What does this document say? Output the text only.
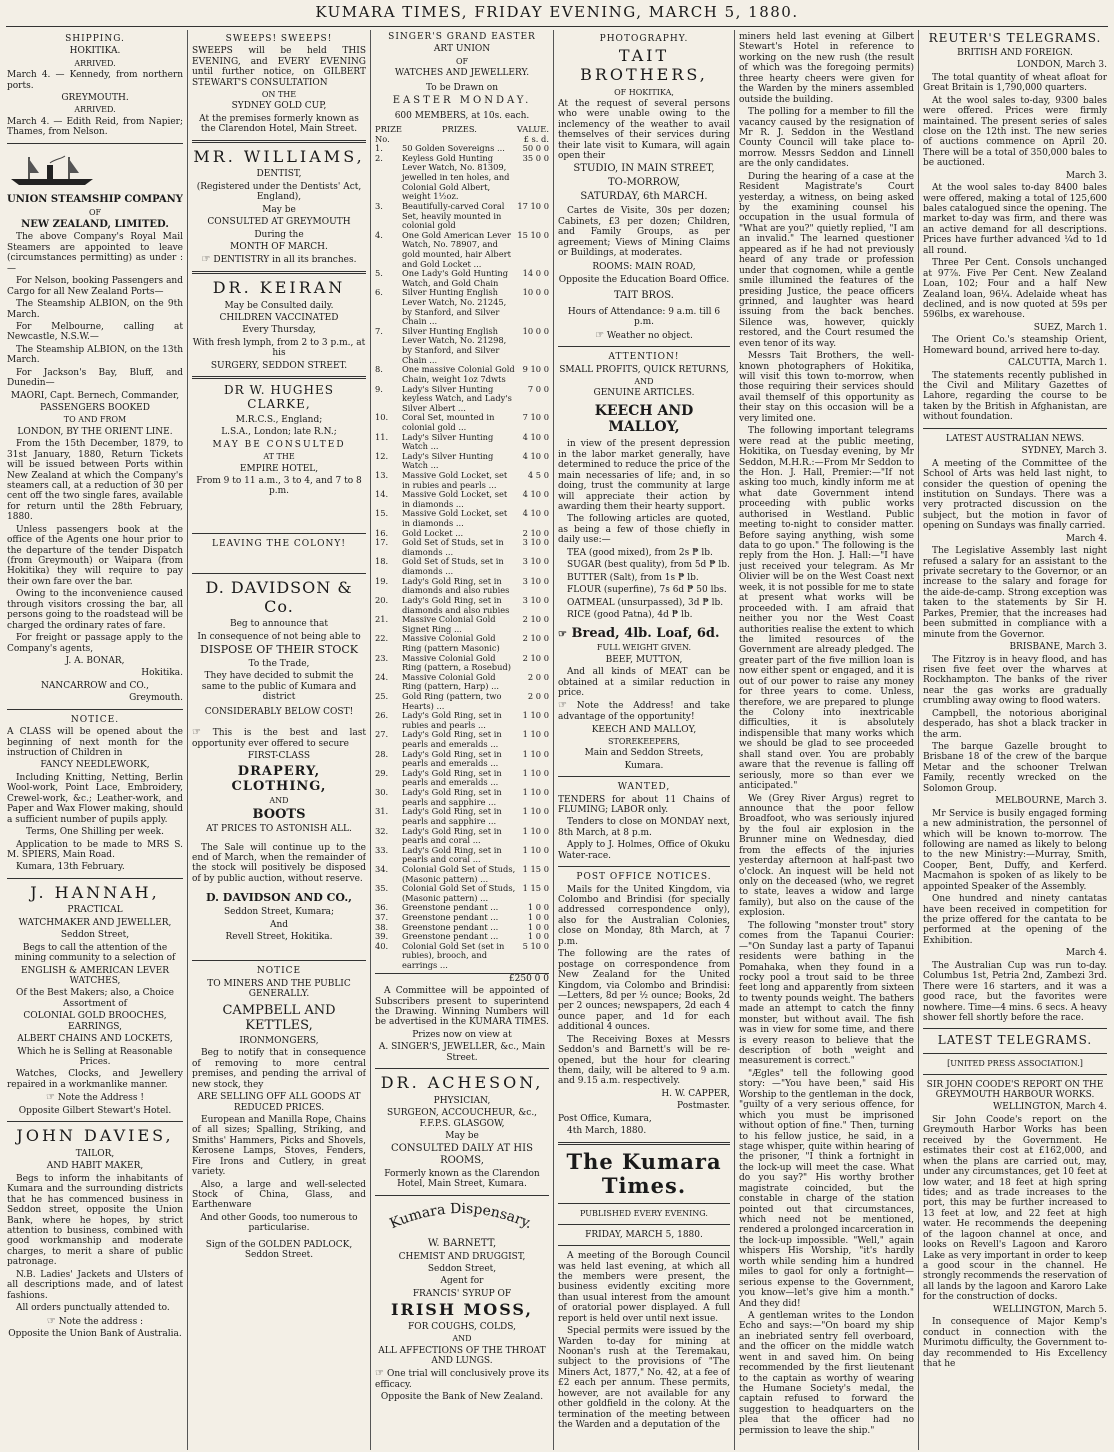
KUMARA TIMES, FRIDAY EVENING, MARCH 5, 1880.

SHIPPING.

HOKITIKA.

ARRIVED.

March 4. — Kennedy, from northern ports.

GREYMOUTH.

ARRIVED.

March 4. — Edith Reid, from Napier; Thames, from Nelson.

UNION STEAMSHIP COMPANY

OF

NEW ZEALAND, LIMITED.

The above Company's Royal Mail Steamers are appointed to leave (circumstances permitting) as under :—

For Nelson, booking Passengers and Cargo for all New Zealand Ports—

The Steamship ALBION, on the 9th March.

For Melbourne, calling at Newcastle, N.S.W.—

The Steamship ALBION, on the 13th March.

For Jackson's Bay, Bluff, and Dunedin—

MAORI, Capt. Bernech, Commander,

PASSENGERS BOOKED

TO AND FROM

LONDON, BY THE ORIENT LINE.

From the 15th December, 1879, to 31st January, 1880, Return Tickets will be issued between Ports within New Zealand at which the Company's steamers call, at a reduction of 30 per cent off the two single fares, available for return until the 28th February, 1880.

Unless passengers book at the office of the Agents one hour prior to the departure of the tender Dispatch (from Greymouth) or Waipara (from Hokitika) they will require to pay their own fare over the bar.

Owing to the inconvenience caused through visitors crossing the bar, all persons going to the roadstead will be charged the ordinary rates of fare.

For freight or passage apply to the Company's agents,

J. A. BONAR,

Hokitika.

NANCARROW and CO.,

Greymouth.

NOTICE.

A CLASS will be opened about the beginning of next month for the instruction of Children in

FANCY NEEDLEWORK,

Including Knitting, Netting, Berlin Wool-work, Point Lace, Embroidery, Crewel-work, &c.; Leather-work, and Paper and Wax Flower making, should a sufficient number of pupils apply.

Terms, One Shilling per week.

Application to be made to MRS S. M. SPIERS, Main Road.

Kumara, 13th February.

J. HANNAH,

PRACTICAL

WATCHMAKER AND JEWELLER,

Seddon Street,

Begs to call the attention of the mining community to a selection of

ENGLISH & AMERICAN LEVER WATCHES,

Of the Best Makers; also, a Choice Assortment of

COLONIAL GOLD BROOCHES, EARRINGS,

ALBERT CHAINS AND LOCKETS,

Which he is Selling at Reasonable Prices.

Watches, Clocks, and Jewellery repaired in a workmanlike manner.

☞ Note the Address !

Opposite Gilbert Stewart's Hotel.

JOHN DAVIES,

TAILOR,

AND HABIT MAKER,

Begs to inform the inhabitants of Kumara and the surrounding districts that he has commenced business in Seddon street, opposite the Union Bank, where he hopes, by strict attention to business, combined with good workmanship and moderate charges, to merit a share of public patronage.

N.B. Ladies' Jackets and Ulsters of all descriptions made, and of latest fashions.

All orders punctually attended to.

☞ Note the address :

Opposite the Union Bank of Australia.

SWEEPS! SWEEPS!

SWEEPS will be held THIS EVENING, and EVERY EVENING until further notice, on GILBERT STEWART'S CONSULTATION

ON THE

SYDNEY GOLD CUP,

At the premises formerly known as the Clarendon Hotel, Main Street.

MR. WILLIAMS,

DENTIST,

(Registered under the Dentists' Act, England),

May be

CONSULTED AT GREYMOUTH

During the

MONTH OF MARCH.

☞ DENTISTRY in all its branches.

DR. KEIRAN

May be Consulted daily.

CHILDREN VACCINATED

Every Thursday,

With fresh lymph, from 2 to 3 p.m., at his

SURGERY, SEDDON STREET.

DR W. HUGHES CLARKE,

M.R.C.S., England;

L.S.A., London; late R.N.;

MAY BE CONSULTED

AT THE

EMPIRE HOTEL,

From 9 to 11 a.m., 3 to 4, and 7 to 8 p.m.

LEAVING THE COLONY!

D. DAVIDSON & Co.

Beg to announce that

In consequence of not being able to

DISPOSE OF THEIR STOCK

To the Trade,

They have decided to submit the same to the public of Kumara and district

CONSIDERABLY BELOW COST!

☞ This is the best and last opportunity ever offered to secure

FIRST-CLASS

DRAPERY, CLOTHING,

AND

BOOTS

AT PRICES TO ASTONISH ALL.

The Sale will continue up to the end of March, when the remainder of the stock will positively be disposed of by public auction, without reserve.

D. DAVIDSON AND CO.,

Seddon Street, Kumara;

And

Revell Street, Hokitika.

NOTICE

TO MINERS AND THE PUBLIC GENERALLY.

CAMPBELL AND KETTLES,

IRONMONGERS,

Beg to notify that in consequence of removing to more central premises, and pending the arrival of new stock, they

ARE SELLING OFF ALL GOODS AT REDUCED PRICES.

European and Manilla Rope, Chains of all sizes; Spalling, Striking, and Smiths' Hammers, Picks and Shovels, Kerosene Lamps, Stoves, Fenders, Fire Irons and Cutlery, in great variety.

Also, a large and well-selected Stock of China, Glass, and Earthenware

And other Goods, too numerous to particularise.

Sign of the GOLDEN PADLOCK, Seddon Street.

SINGER'S GRAND EASTER

ART UNION

OF

WATCHES AND JEWELLERY.

To be Drawn on

EASTER MONDAY.

600 MEMBERS, at 10s. each.

PRIZE
No.	PRIZES.	VALUE.
£ s. d.
1.	50 Golden Sovereigns ...	50 0 0
2.	Keyless Gold Hunting Lever Watch, No. 81309, jewelled in ten holes, and Colonial Gold Albert, weight 1½oz.	35 0 0
3.	Beautifully-carved Coral Set, heavily mounted in colonial gold	17 10 0
4.	One Gold American Lever Watch, No. 78907, and gold mounted, hair Albert and Gold Locket ...	15 10 0
5.	One Lady's Gold Hunting Watch, and Gold Chain	14 0 0
6.	Silver Hunting English Lever Watch, No. 21245, by Stanford, and Silver Chain ...	10 0 0
7.	Silver Hunting English Lever Watch, No. 21298, by Stanford, and Silver Chain ...	10 0 0
8.	One massive Colonial Gold Chain, weight 1oz 7dwts	9 10 0
9.	Lady's Silver Hunting keyless Watch, and Lady's Silver Albert ...	7 0 0
10.	Coral Set, mounted in colonial gold ...	7 10 0
11.	Lady's Silver Hunting Watch ...	4 10 0
12.	Lady's Silver Hunting Watch ...	4 10 0
13.	Massive Gold Locket, set in rubies and pearls ...	4 5 0
14.	Massive Gold Locket, set in diamonds ...	4 10 0
15.	Massive Gold Locket, set in diamonds ...	4 10 0
16.	Gold Locket ...	2 10 0
17.	Gold Set of Studs, set in diamonds ...	3 10 0
18.	Gold Set of Studs, set in diamonds ...	3 10 0
19.	Lady's Gold Ring, set in diamonds and also rubies	3 10 0
20.	Lady's Gold Ring, set in diamonds and also rubies	3 10 0
21.	Massive Colonial Gold Signet Ring ...	2 10 0
22.	Massive Colonial Gold Ring (pattern Masonic)	2 10 0
23.	Massive Colonial Gold Ring (pattern, a Rosebud)	2 10 0
24.	Massive Colonial Gold Ring (pattern, Harp) ...	2 0 0
25.	Gold Ring (pattern, two Hearts) ...	2 0 0
26.	Lady's Gold Ring, set in rubies and pearls ...	1 10 0
27.	Lady's Gold Ring, set in pearls and emeralds ...	1 10 0
28.	Lady's Gold Ring, set in pearls and emeralds ...	1 10 0
29.	Lady's Gold Ring, set in pearls and emeralds ...	1 10 0
30.	Lady's Gold Ring, set in pearls and sapphire ...	1 10 0
31.	Lady's Gold Ring, set in pearls and sapphire ...	1 10 0
32.	Lady's Gold Ring, set in pearls and coral ...	1 10 0
33.	Lady's Gold Ring, set in pearls and coral ...	1 10 0
34.	Colonial Gold Set of Studs, (Masonic pattern) ...	1 15 0
35.	Colonial Gold Set of Studs, (Masonic pattern) ...	1 15 0
36.	Greenstone pendant ...	1 0 0
37.	Greenstone pendant ...	1 0 0
38.	Greenstone pendant ...	1 0 0
39.	Greenstone pendant ...	1 0 0
40.	Colonial Gold Set (set in rubies), brooch, and earrings ...	5 10 0

£250 0 0

A Committee will be appointed of Subscribers present to superintend the Drawing. Winning Numbers will be advertised in the KUMARA TIMES.

Prizes now on view at

A. SINGER'S, JEWELLER, &c., Main Street.

DR. ACHESON,

PHYSICIAN,

SURGEON, ACCOUCHEUR, &c., F.F.P.S. GLASGOW,

May be

CONSULTED DAILY AT HIS ROOMS,

Formerly known as the Clarendon Hotel, Main Street, Kumara.

Kumara Dispensary.

W. BARNETT,

CHEMIST AND DRUGGIST,

Seddon Street,

Agent for

FRANCIS' SYRUP OF

IRISH MOSS,

FOR COUGHS, COLDS,

AND

ALL AFFECTIONS OF THE THROAT AND LUNGS.

☞ One trial will conclusively prove its efficacy.

Opposite the Bank of New Zealand.

PHOTOGRAPHY.

TAIT BROTHERS,

OF HOKITIKA,

At the request of several persons who were unable owing to the inclemency of the weather to avail themselves of their services during their late visit to Kumara, will again open their

STUDIO, IN MAIN STREET,

TO-MORROW,

SATURDAY, 6th MARCH.

Cartes de Visite, 30s per dozen; Cabinets, £3 per dozen; Children, and Family Groups, as per agreement; Views of Mining Claims or Buildings, at moderates.

ROOMS: MAIN ROAD,

Opposite the Education Board Office.

TAIT BROS.

Hours of Attendance: 9 a.m. till 6 p.m.

☞ Weather no object.

ATTENTION!

SMALL PROFITS, QUICK RETURNS,

AND

GENUINE ARTICLES.

KEECH AND MALLOY,

in view of the present depression in the labor market generally, have determined to reduce the price of the main necessaries of life; and, in so doing, trust the community at large will appreciate their action by awarding them their hearty support.

The following articles are quoted, as being a few of those chiefly in daily use:—

TEA (good mixed), from 2s ₱ lb.

SUGAR (best quality), from 5d ₱ lb.

BUTTER (Salt), from 1s ₱ lb.

FLOUR (superfine), 7s 6d ₱ 50 lbs.

OATMEAL (unsurpassed), 3d ₱ lb.

RICE (good Patna), 4d ₱ lb.

☞ Bread, 4lb. Loaf, 6d.

FULL WEIGHT GIVEN.

BEEF, MUTTON,

And all kinds of MEAT can be obtained at a similar reduction in price.

☞ Note the Address! and take advantage of the opportunity!

KEECH AND MALLOY,

STOREKEEPERS,

Main and Seddon Streets,

Kumara.

WANTED,

TENDERS for about 11 Chains of FLUMING; LABOR only.

Tenders to close on MONDAY next, 8th March, at 8 p.m.

Apply to J. Holmes, Office of Okuku Water-race.

POST OFFICE NOTICES.

Mails for the United Kingdom, via Colombo and Brindisi (for specially addressed correspondence only), also for the Australian Colonies, close on Monday, 8th March, at 7 p.m.

The following are the rates of postage on correspondence from New Zealand for the United Kingdom, via Colombo and Brindisi:—Letters, 8d per ½ ounce; Books, 2d per 2 ounces; newspapers, 2d each 4 ounce paper, and 1d for each additional 4 ounces.

The Receiving Boxes at Messrs Seddon's and Barnett's will be re-opened, but the hour for clearing them, daily, will be altered to 9 a.m. and 9.15 a.m. respectively.

H. W. CAPPER,

Postmaster.

Post Office, Kumara,

4th March, 1880.

The Kumara Times.

PUBLISHED EVERY EVENING.

FRIDAY, MARCH 5, 1880.

A meeting of the Borough Council was held last evening, at which all the members were present, the business evidently exciting more than usual interest from the amount of oratorial power displayed. A full report is held over until next issue.

Special permits were issued by the Warden to-day for mining at Noonan's rush at the Teremakau, subject to the provisions of "The Miners Act, 1877," No. 42, at a fee of £2 each per annum. These permits, however, are not available for any other goldfield in the colony. At the termination of the meeting between the Warden and a deputation of the

miners held last evening at Gilbert Stewart's Hotel in reference to working on the new rush (the result of which was the foregoing permits) three hearty cheers were given for the Warden by the miners assembled outside the building.

The polling for a member to fill the vacancy caused by the resignation of Mr R. J. Seddon in the Westland County Council will take place to-morrow. Messrs Seddon and Linnell are the only candidates.

During the hearing of a case at the Resident Magistrate's Court yesterday, a witness, on being asked by the examining counsel his occupation in the usual formula of "What are you?" quietly replied, "I am an invalid." The learned questioner appeared as if he had not previously heard of any trade or profession under that cognomen, while a gentle smile illumined the features of the presiding Justice, the peace officers grinned, and laughter was heard issuing from the back benches. Silence was, however, quickly restored, and the Court resumed the even tenor of its way.

Messrs Tait Brothers, the well-known photographers of Hokitika, will visit this town to-morrow, when those requiring their services should avail themself of this opportunity as their stay on this occasion will be a very limited one.

The following important telegrams were read at the public meeting, Hokitika, on Tuesday evening, by Mr Seddon, M.H.R.:—From Mr Seddon to the Hon. J. Hall, Premier:—"If not asking too much, kindly inform me at what date Government intend proceeding with public works authorised in Westland. Public meeting to-night to consider matter. Before saying anything, wish some data to go upon." The following is the reply from the Hon. J. Hall:—"I have just received your telegram. As Mr Olivier will be on the West Coast next week, it is not possible for me to state at present what works will be proceeded with. I am afraid that neither you nor the West Coast authorities realise the extent to which the limited resources of the Government are already pledged. The greater part of the five million loan is now either spent or engaged, and it is out of our power to raise any money for three years to come. Unless, therefore, we are prepared to plunge the Colony into inextricable difficulties, it is absolutely indispensible that many works which we should be glad to see proceeded shall stand over. You are probably aware that the revenue is falling off seriously, more so than ever we anticipated."

We (Grey River Argus) regret to announce that the poor fellow Broadfoot, who was seriously injured by the foul air explosion in the Brunner mine on Wednesday, died from the effects of the injuries yesterday afternoon at half-past two o'clock. An inquest will be held not only on the deceased (who, we regret to state, leaves a widow and large family), but also on the cause of the explosion.

The following "monster trout" story comes from the Tapanui Courier:—"On Sunday last a party of Tapanui residents were bathing in the Pomahaka, when they found in a rocky pool a trout said to be three feet long and apparently from sixteen to twenty pounds weight. The bathers made an attempt to catch the finny monster, but without avail. The fish was in view for some time, and there is every reason to believe that the description of both weight and measurement is correct."

"Ægles" tell the following good story: —"You have been," said His Worship to the gentleman in the dock, "guilty of a very serious offence, for which you must be imprisoned without option of fine." Then, turning to his fellow justice, he said, in a stage whisper, quite within hearing of the prisoner, "I think a fortnight in the lock-up will meet the case. What do you say?" His worthy brother magistrate coincided, but the constable in charge of the station pointed out that circumstances, which need not be mentioned, rendered a prolonged incarceration in the lock-up impossible. "Well," again whispers His Worship, "it's hardly worth while sending him a hundred miles to gaol for only a fortnight—serious expense to the Government, you know—let's give him a month." And they did!

A gentleman writes to the London Echo and says:—"On board my ship an inebriated sentry fell overboard, and the officer on the middle watch went in and saved him. On being recommended by the first lieutenant to the captain as worthy of wearing the Humane Society's medal, the captain refused to forward the suggestion to headquarters on the plea that the officer had no permission to leave the ship."

REUTER'S TELEGRAMS.

BRITISH AND FOREIGN.

LONDON, March 3.

The total quantity of wheat afloat for Great Britain is 1,790,000 quarters.

At the wool sales to-day, 9300 bales were offered. Prices were firmly maintained. The present series of sales close on the 12th inst. The new series of auctions commence on April 20. There will be a total of 350,000 bales to be auctioned.

March 3.

At the wool sales to-day 8400 bales were offered, making a total of 125,600 bales catalogued since the opening. The market to-day was firm, and there was an active demand for all descriptions. Prices have further advanced ¼d to 1d all round.

Three Per Cent. Consols unchanged at 97⅞. Five Per Cent. New Zealand Loan, 102; Four and a half New Zealand loan, 96¼. Adelaide wheat has declined, and is now quoted at 59s per 596lbs, ex warehouse.

SUEZ, March 1.

The Orient Co.'s steamship Orient, Homeward bound, arrived here to-day.

CALCUTTA, March 1.

The statements recently published in the Civil and Military Gazettes of Lahore, regarding the course to be taken by the British in Afghanistan, are without foundation.

LATEST AUSTRALIAN NEWS.

SYDNEY, March 3.

A meeting of the Committee of the School of Arts was held last night, to consider the question of opening the institution on Sundays. There was a very protracted discussion on the subject, but the motion in favor of opening on Sundays was finally carried.

March 4.

The Legislative Assembly last night refused a salary for an assistant to the private secretary to the Governor, or an increase to the salary and forage for the aide-de-camp. Strong exception was taken to the statements by Sir H. Parkes, Premier, that the increases had been submitted in compliance with a minute from the Governor.

BRISBANE, March 3.

The Fitzroy is in heavy flood, and has risen five feet over the wharves at Rockhampton. The banks of the river near the gas works are gradually crumbling away owing to flood waters.

Campbell, the notorious aboriginal desperado, has shot a black tracker in the arm.

The barque Gazelle brought to Brisbane 18 of the crew of the barque Metar and the schooner Trelwan Family, recently wrecked on the Solomon Group.

MELBOURNE, March 3.

Mr Service is busily engaged forming a new administration, the personnel of which will be known to-morrow. The following are named as likely to belong to the new Ministry:—Murray, Smith, Cooper, Bent, Duffy, and Kerferd. Macmahon is spoken of as likely to be appointed Speaker of the Assembly.

One hundred and ninety cantatas have been received in competition for the prize offered for the cantata to be performed at the opening of the Exhibition.

March 4.

The Australian Cup was run to-day. Columbus 1st, Petria 2nd, Zambezi 3rd. There were 16 starters, and it was a good race, but the favorites were nowhere. Time—4 mins. 6 secs. A heavy shower fell shortly before the race.

LATEST TELEGRAMS.

[UNITED PRESS ASSOCIATION.]

SIR JOHN COODE'S REPORT ON THE GREYMOUTH HARBOUR WORKS.

WELLINGTON, March 4.

Sir John Coode's report on the Greymouth Harbor Works has been received by the Government. He estimates their cost at £162,000, and when the plans are carried out, may, under any circumstances, get 10 feet at low water, and 18 feet at high spring tides; and as trade increases to the port, this may be further increased to 13 feet at low, and 22 feet at high water. He recommends the deepening of the lagoon channel at once, and looks on Revell's Lagoon and Karoro Lake as very important in order to keep a good scour in the channel. He strongly recommends the reservation of all lands by the lagoon and Karoro Lake for the construction of docks.

WELLINGTON, March 5.

In consequence of Major Kemp's conduct in connection with the Murimotu difficulty, the Government to-day recommended to His Excellency that he
